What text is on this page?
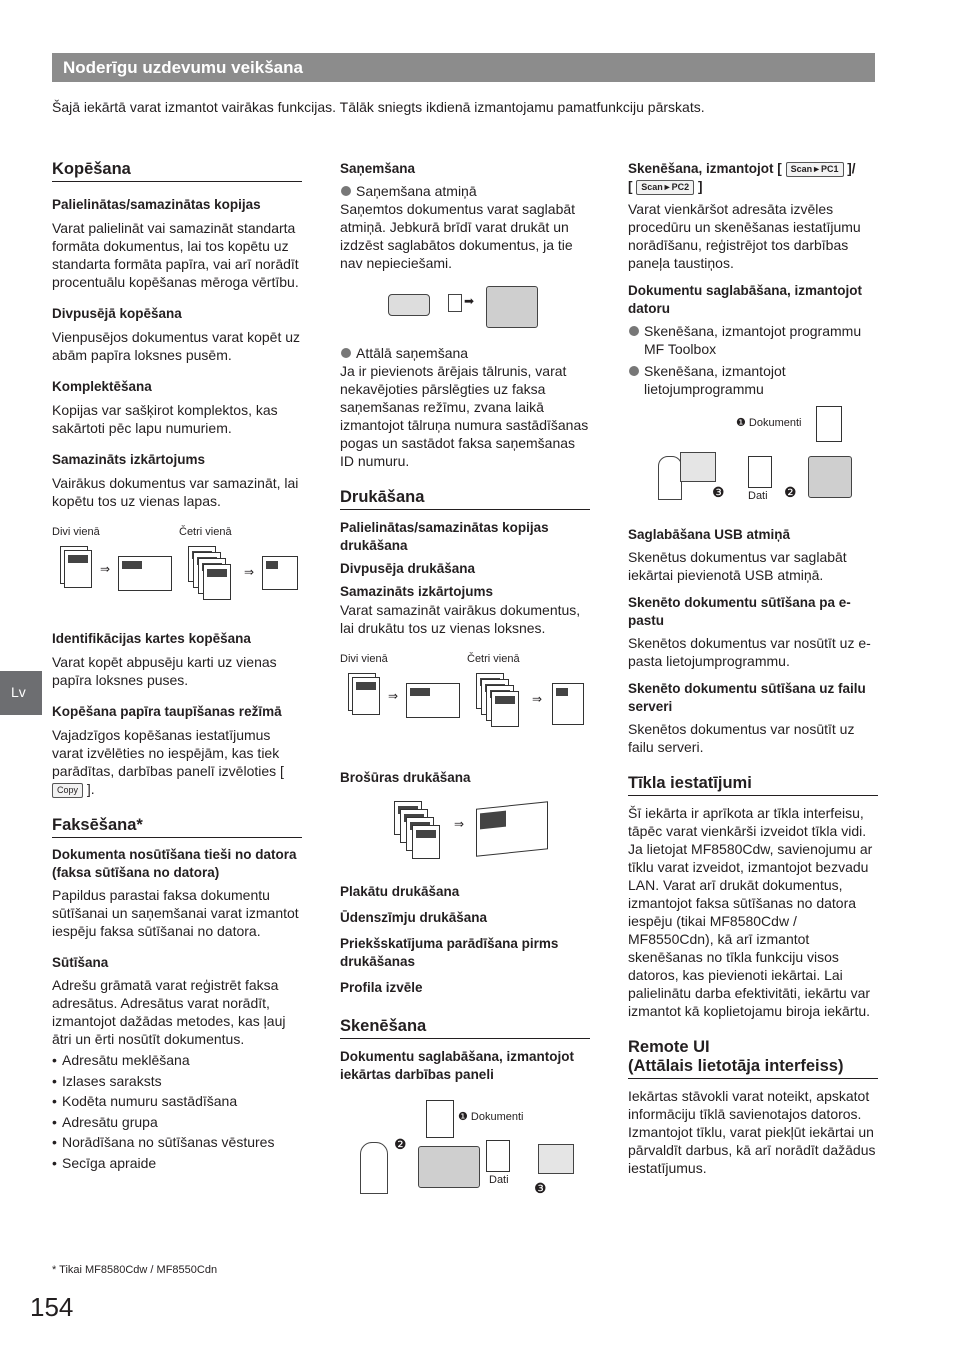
Noderīgu uzdevumu veikšana
Šajā iekārtā varat izmantot vairākas funkcijas. Tālāk sniegts ikdienā izmantojamu pamatfunkciju pārskats.
Lv
Kopēšana
Palielinātas/samazinātas kopijas

Varat palielināt vai samazināt standarta formāta dokumentus, lai tos kopētu uz standarta formāta papīra, vai arī norādīt procentuālu kopēšanas mēroga vērtību.

Divpusējā kopēšana

Vienpusējos dokumentus varat kopēt uz abām papīra loksnes pusēm.

Komplektēšana

Kopijas var sašķirot komplektos, kas sakārtoti pēc lapu numuriem.

Samazināts izkārtojums

Vairākus dokumentus var samazināt, lai kopētu tos uz vienas lapas.

Divi vienā	Četri vienā
⇒	⇒
Identifikācijas kartes kopēšana

Varat kopēt abpusēju karti uz vienas papīra loksnes puses.

Kopēšana papīra taupīšanas režīmā

Vajadzīgos kopēšanas iestatījumus varat izvēlēties no iespējām, kas tiek parādītas, darbības panelī izvēloties [ Copy ].

Faksēšana*
Dokumenta nosūtīšana tieši no datora (faksa sūtīšana no datora)

Papildus parastai faksa dokumentu sūtīšanai un saņemšanai varat izmantot iespēju faksa sūtīšanai no datora.

Sūtīšana

Adrešu grāmatā varat reģistrēt faksa adresātus. Adresātus varat norādīt, izmantojot dažādas metodes, kas ļauj ātri un ērti nosūtīt dokumentus.

• Adresātu meklēšana
• Izlases saraksts
• Kodēta numuru sastādīšana
• Adresātu grupa
• Norādīšana no sūtīšanas vēstures
• Secīga apraide
Saņemšana
Saņemšana atmiņā

Saņemtos dokumentus varat saglabāt atmiņā. Jebkurā brīdī varat drukāt un izdzēst saglabātos dokumentus, ja tie nav nepieciešami.

➡
Attālā saņemšana

Ja ir pievienots ārējais tālrunis, varat nekavējoties pārslēgties uz faksa saņemšanas režīmu, zvana laikā izmantojot tālruņa numura sastādīšanas pogas un sastādot faksa saņemšanas ID numuru.

Drukāšana
Palielinātas/samazinātas kopijas drukāšana
Divpusēja drukāšana
Samazināts izkārtojums

Varat samazināt vairākus dokumentus, lai drukātu tos uz vienas loksnes.

Divi vienā	Četri vienā
⇒	⇒
Brošūras drukāšana
⇒
Plakātu drukāšana
Ūdenszīmju drukāšana
Priekšskatījuma parādīšana pirms drukāšanas
Profila izvēle
Skenēšana
Dokumentu saglabāšana, izmantojot iekārtas darbības paneli
❶ Dokumenti
❷
Dati ❸
Skenēšana, izmantojot [ Scan►PC1 ]/
[ Scan►PC2 ]

Varat vienkāršot adresāta izvēles procedūru un skenēšanas iestatījumu norādīšanu, reģistrējot tos darbības paneļa taustiņos.

Dokumentu saglabāšana, izmantojot datoru
Skenēšana, izmantojot programmu MF Toolbox
Skenēšana, izmantojot lietojumprogrammu
❶ Dokumenti
Dati
❸	❷
Saglabāšana USB atmiņā

Skenētus dokumentus var saglabāt iekārtai pievienotā USB atmiņā.

Skenēto dokumentu sūtīšana pa e-pastu

Skenētos dokumentus var nosūtīt uz e-pasta lietojumprogrammu.

Skenēto dokumentu sūtīšana uz failu serveri

Skenētos dokumentus var nosūtīt uz failu serveri.

Tīkla iestatījumi

Šī iekārta ir aprīkota ar tīkla interfeisu, tāpēc varat vienkārši izveidot tīkla vidi. Ja lietojat MF8580Cdw, savienojumu ar tīklu varat izveidot, izmantojot bezvadu LAN. Varat arī drukāt dokumentus, izmantojot faksa sūtīšanas no datora iespēju (tikai MF8580Cdw / MF8550Cdn), kā arī izmantot skenēšanas no tīkla funkciju visos datoros, kas pievienoti iekārtai. Lai palielinātu darba efektivitāti, iekārtu var izmantot kā koplietojamu biroja iekārtu.

Remote UI
(Attālais lietotāja interfeiss)

Iekārtas stāvokli varat noteikt, apskatot informāciju tīklā savienotajos datoros. Izmantojot tīklu, varat piekļūt iekārtai un pārvaldīt darbus, kā arī norādīt dažādus iestatījumus.

* Tikai MF8580Cdw / MF8550Cdn
154
